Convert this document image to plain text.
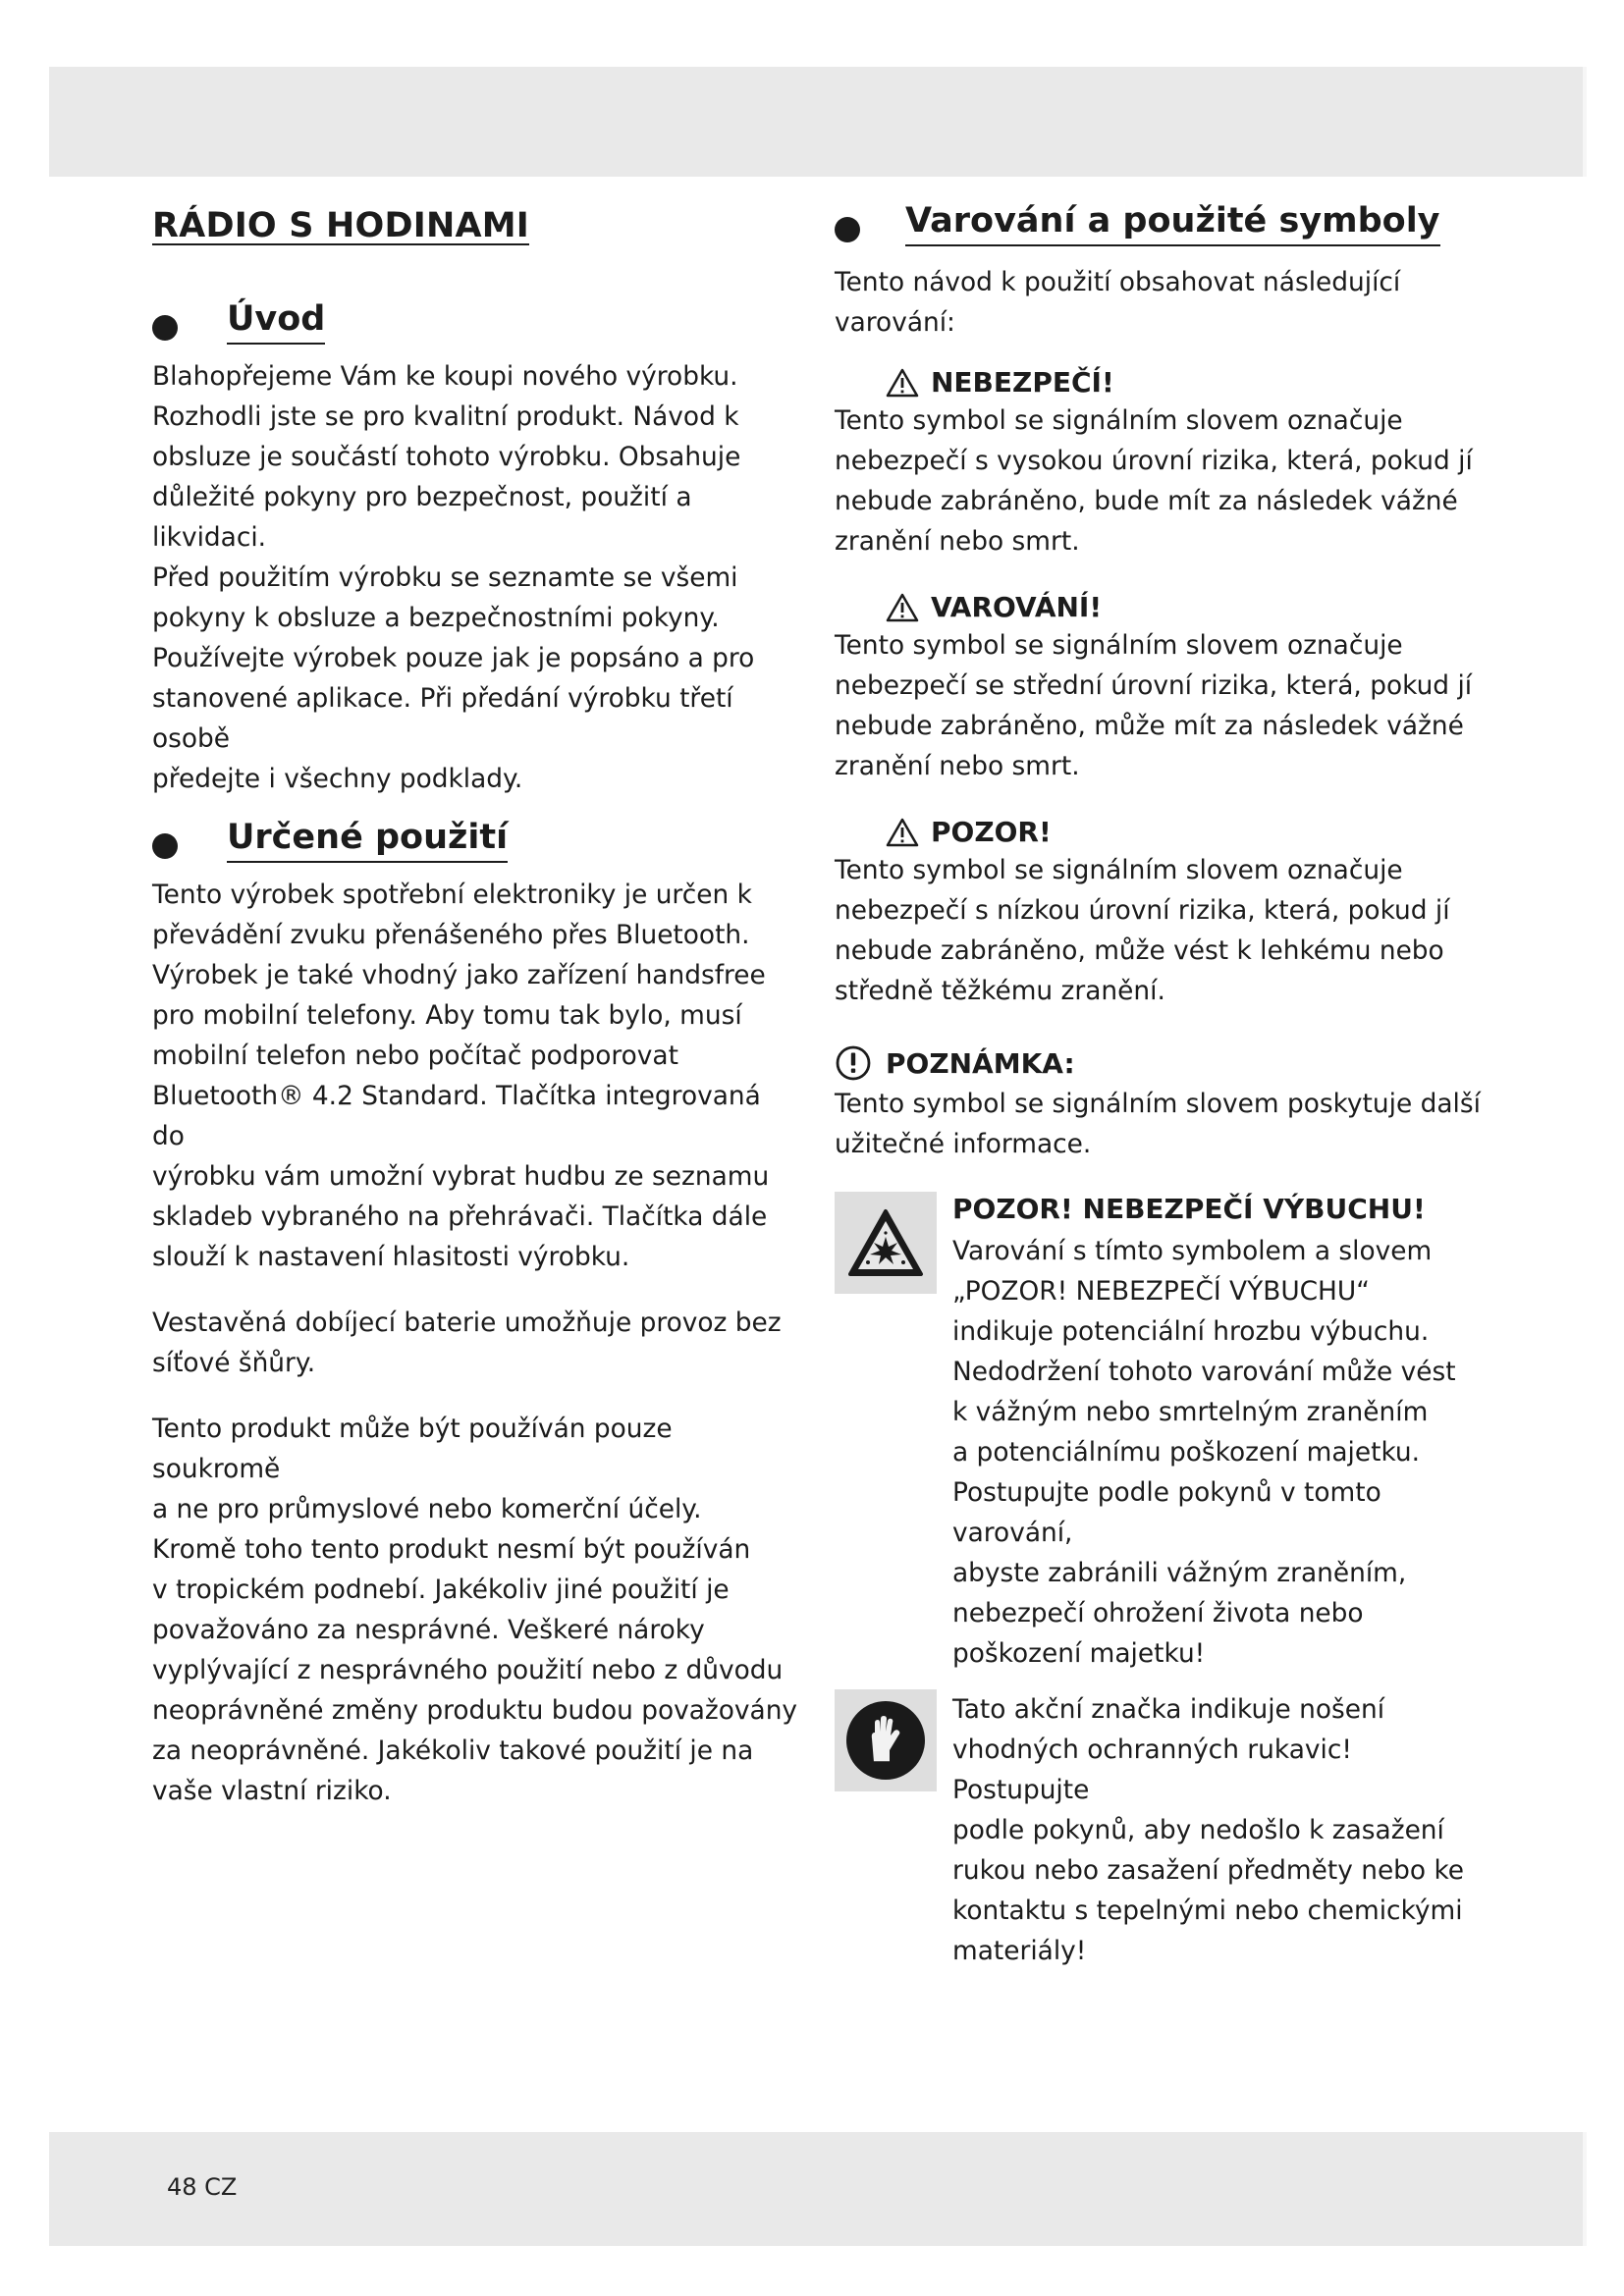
RÁDIO S HODINAMI
Úvod

Blahopřejeme Vám ke koupi nového výrobku.
Rozhodli jste se pro kvalitní produkt. Návod k
obsluze je součástí tohoto výrobku. Obsahuje
důležité pokyny pro bezpečnost, použití a likvidaci.
Před použitím výrobku se seznamte se všemi
pokyny k obsluze a bezpečnostními pokyny.
Používejte výrobek pouze jak je popsáno a pro
stanovené aplikace. Při předání výrobku třetí osobě
předejte i všechny podklady.

Určené použití

Tento výrobek spotřební elektroniky je určen k
převádění zvuku přenášeného přes Bluetooth.
Výrobek je také vhodný jako zařízení handsfree
pro mobilní telefony. Aby tomu tak bylo, musí
mobilní telefon nebo počítač podporovat
Bluetooth® 4.2 Standard. Tlačítka integrovaná do
výrobku vám umožní vybrat hudbu ze seznamu
skladeb vybraného na přehrávači. Tlačítka dále
slouží k nastavení hlasitosti výrobku.

Vestavěná dobíjecí baterie umožňuje provoz bez
síťové šňůry.

Tento produkt může být používán pouze soukromě
a ne pro průmyslové nebo komerční účely.
Kromě toho tento produkt nesmí být používán
v tropickém podnebí. Jakékoliv jiné použití je
považováno za nesprávné. Veškeré nároky
vyplývající z nesprávného použití nebo z důvodu
neoprávněné změny produktu budou považovány
za neoprávněné. Jakékoliv takové použití je na
vaše vlastní riziko.

Varování a použité symboly

Tento návod k použití obsahovat následující
varování:

NEBEZPEČÍ!

Tento symbol se signálním slovem označuje
nebezpečí s vysokou úrovní rizika, která, pokud jí
nebude zabráněno, bude mít za následek vážné
zranění nebo smrt.

VAROVÁNÍ!

Tento symbol se signálním slovem označuje
nebezpečí se střední úrovní rizika, která, pokud jí
nebude zabráněno, může mít za následek vážné
zranění nebo smrt.

POZOR!

Tento symbol se signálním slovem označuje
nebezpečí s nízkou úrovní rizika, která, pokud jí
nebude zabráněno, může vést k lehkému nebo
středně těžkému zranění.

POZNÁMKA:

Tento symbol se signálním slovem poskytuje další
užitečné informace.

POZOR! NEBEZPEČÍ VÝBUCHU!

Varování s tímto symbolem a slovem
„POZOR! NEBEZPEČÍ VÝBUCHU“
indikuje potenciální hrozbu výbuchu.
Nedodržení tohoto varování může vést
k vážným nebo smrtelným zraněním
a potenciálnímu poškození majetku.
Postupujte podle pokynů v tomto varování,
abyste zabránili vážným zraněním,
nebezpečí ohrožení života nebo
poškození majetku!

Tato akční značka indikuje nošení
vhodných ochranných rukavic! Postupujte
podle pokynů, aby nedošlo k zasažení
rukou nebo zasažení předměty nebo ke
kontaktu s tepelnými nebo chemickými
materiály!

48 CZ
